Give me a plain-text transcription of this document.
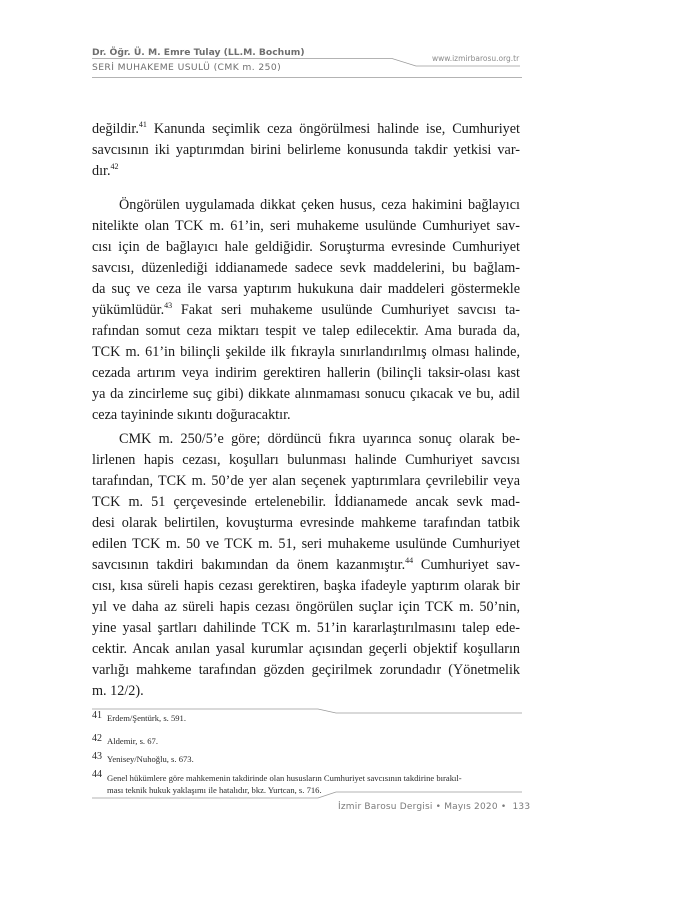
Dr. Öğr. Ü. M. Emre Tulay (LL.M. Bochum)
SERİ MUHAKEME USULÜ (CMK m. 250)
www.izmirbarosu.org.tr
değildir.$^{41}$ Kanunda seçimlik ceza öngörülmesi halinde ise, Cumhuriyet
savcısının iki yaptırımdan birini belirleme konusunda takdir yetkisi var-
dır.$^{42}$
Öngörülen uygulamada dikkat çeken husus, ceza hakimini bağlayıcı
nitelikte olan TCK m. 61’in, seri muhakeme usulünde Cumhuriyet sav-
cısı için de bağlayıcı hale geldiğidir. Soruşturma evresinde Cumhuriyet
savcısı, düzenlediği iddianamede sadece sevk maddelerini, bu bağlam-
da suç ve ceza ile varsa yaptırım hukukuna dair maddeleri göstermekle
yükümlüdür.$^{43}$ Fakat seri muhakeme usulünde Cumhuriyet savcısı ta-
rafından somut ceza miktarı tespit ve talep edilecektir. Ama burada da,
TCK m. 61’in bilinçli şekilde ilk fıkrayla sınırlandırılmış olması halinde,
cezada artırım veya indirim gerektiren hallerin (bilinçli taksir-olası kast
ya da zincirleme suç gibi) dikkate alınmaması sonucu çıkacak ve bu, adil
ceza tayininde sıkıntı doğuracaktır.
CMK m. 250/5’e göre; dördüncü fıkra uyarınca sonuç olarak be-
lirlenen hapis cezası, koşulları bulunması halinde Cumhuriyet savcısı
tarafından, TCK m. 50’de yer alan seçenek yaptırımlara çevrilebilir veya
TCK m. 51 çerçevesinde ertelenebilir. İddianamede ancak sevk mad-
desi olarak belirtilen, kovuşturma evresinde mahkeme tarafından tatbik
edilen TCK m. 50 ve TCK m. 51, seri muhakeme usulünde Cumhuriyet
savcısının takdiri bakımından da önem kazanmıştır.$^{44}$ Cumhuriyet sav-
cısı, kısa süreli hapis cezası gerektiren, başka ifadeyle yaptırım olarak bir
yıl ve daha az süreli hapis cezası öngörülen suçlar için TCK m. 50’nin,
yine yasal şartları dahilinde TCK m. 51’in kararlaştırılmasını talep ede-
cektir. Ancak anılan yasal kurumlar açısından geçerli objektif koşulların
varlığı mahkeme tarafından gözden geçirilmek zorundadır (Yönetmelik
m. 12/2).
41 Erdem/Şentürk, s. 591.
42 Aldemir, s. 67.
43 Yenisey/Nuhoğlu, s. 673.
44 Genel hükümlere göre mahkemenin takdirinde olan hususların Cumhuriyet savcısının takdirine bırakıl-
ması teknik hukuk yaklaşımı ile hatalıdır, bkz. Yurtcan, s. 716.
İzmir Barosu Dergisi • Mayıs 2020 • 133
